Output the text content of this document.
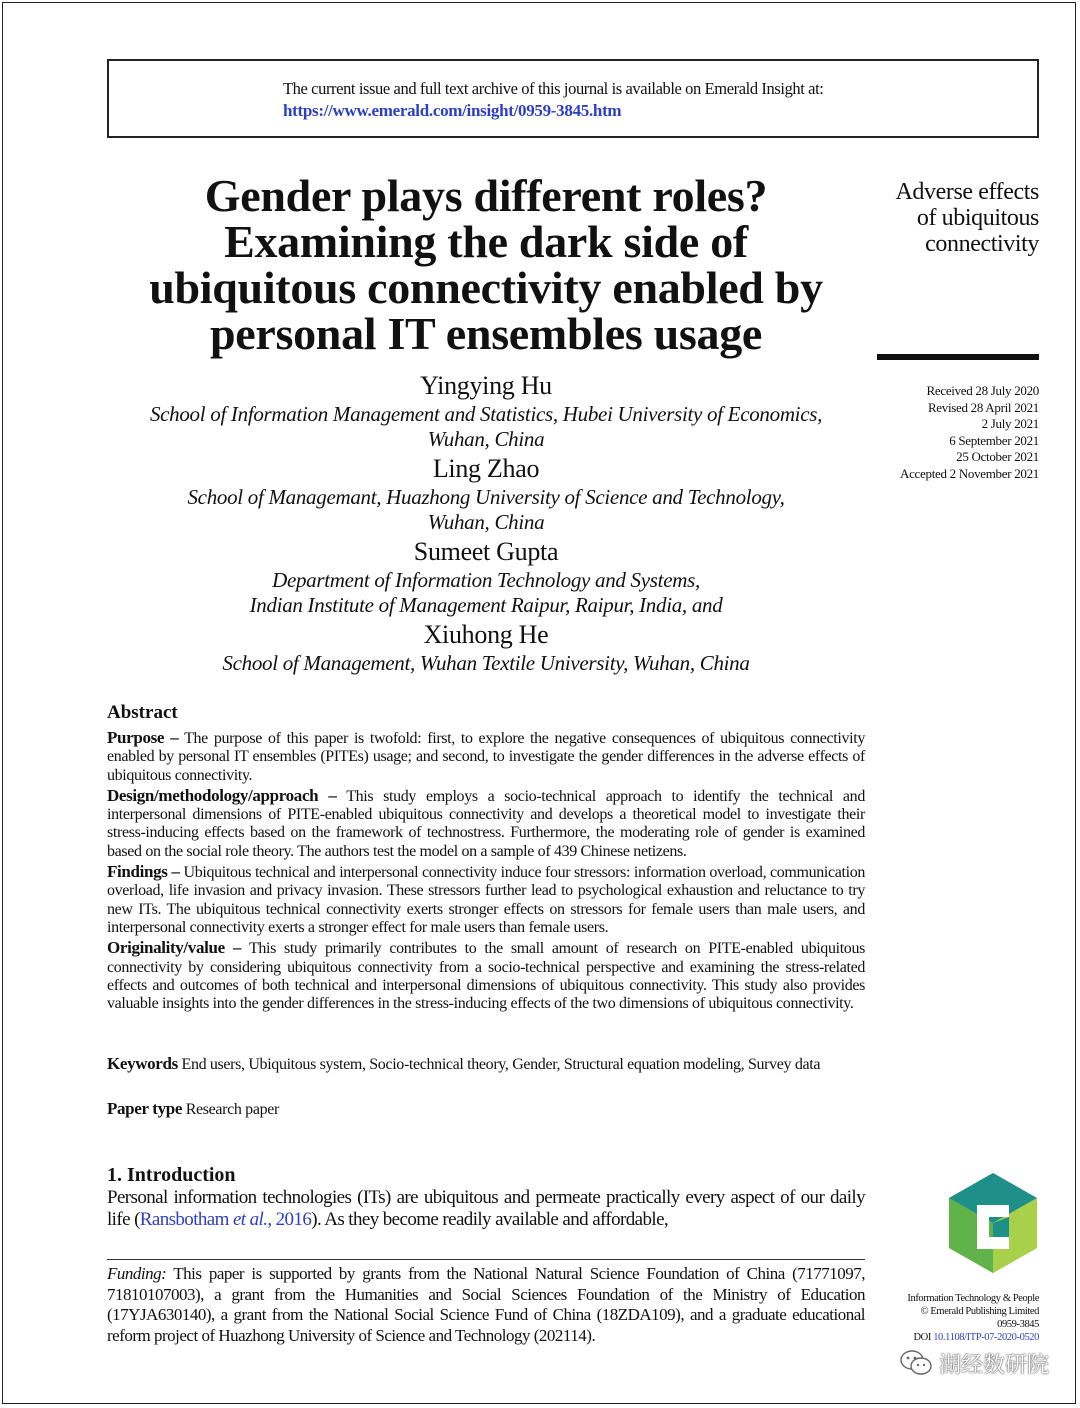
The current issue and full text archive of this journal is available on Emerald Insight at:
https://www.emerald.com/insight/0959-3845.htm
Gender plays different roles?
Examining the dark side of
ubiquitous connectivity enabled by
personal IT ensembles usage
Adverse effects
of ubiquitous
connectivity
Received 28 July 2020
Revised 28 April 2021
2 July 2021
6 September 2021
25 October 2021
Accepted 2 November 2021
Yingying Hu
School of Information Management and Statistics, Hubei University of Economics,
Wuhan, China
Ling Zhao
School of Managemant, Huazhong University of Science and Technology,
Wuhan, China
Sumeet Gupta
Department of Information Technology and Systems,
Indian Institute of Management Raipur, Raipur, India, and
Xiuhong He
School of Management, Wuhan Textile University, Wuhan, China
Abstract

Purpose – The purpose of this paper is twofold: first, to explore the negative consequences of ubiquitous connectivity enabled by personal IT ensembles (PITEs) usage; and second, to investigate the gender differences in the adverse effects of ubiquitous connectivity.

Design/methodology/approach – This study employs a socio-technical approach to identify the technical and interpersonal dimensions of PITE-enabled ubiquitous connectivity and develops a theoretical model to investigate their stress-inducing effects based on the framework of technostress. Furthermore, the moderating role of gender is examined based on the social role theory. The authors test the model on a sample of 439 Chinese netizens.

Findings – Ubiquitous technical and interpersonal connectivity induce four stressors: information overload, communication overload, life invasion and privacy invasion. These stressors further lead to psychological exhaustion and reluctance to try new ITs. The ubiquitous technical connectivity exerts stronger effects on stressors for female users than male users, and interpersonal connectivity exerts a stronger effect for male users than female users.

Originality/value – This study primarily contributes to the small amount of research on PITE-enabled ubiquitous connectivity by considering ubiquitous connectivity from a socio-technical perspective and examining the stress-related effects and outcomes of both technical and interpersonal dimensions of ubiquitous connectivity. This study also provides valuable insights into the gender differences in the stress-inducing effects of the two dimensions of ubiquitous connectivity.

Keywords End users, Ubiquitous system, Socio-technical theory, Gender, Structural equation modeling, Survey data
Paper type Research paper
1. Introduction
Personal information technologies (ITs) are ubiquitous and permeate practically every aspect of our daily life (Ransbotham et al., 2016). As they become readily available and affordable,
Funding: This paper is supported by grants from the National Natural Science Foundation of China (71771097, 71810107003), a grant from the Humanities and Social Sciences Foundation of the Ministry of Education (17YJA630140), a grant from the National Social Science Fund of China (18ZDA109), and a graduate educational reform project of Huazhong University of Science and Technology (202114).
Information Technology & People
© Emerald Publishing Limited
0959-3845
DOI 10.1108/ITP-07-2020-0520
湖经数研院
